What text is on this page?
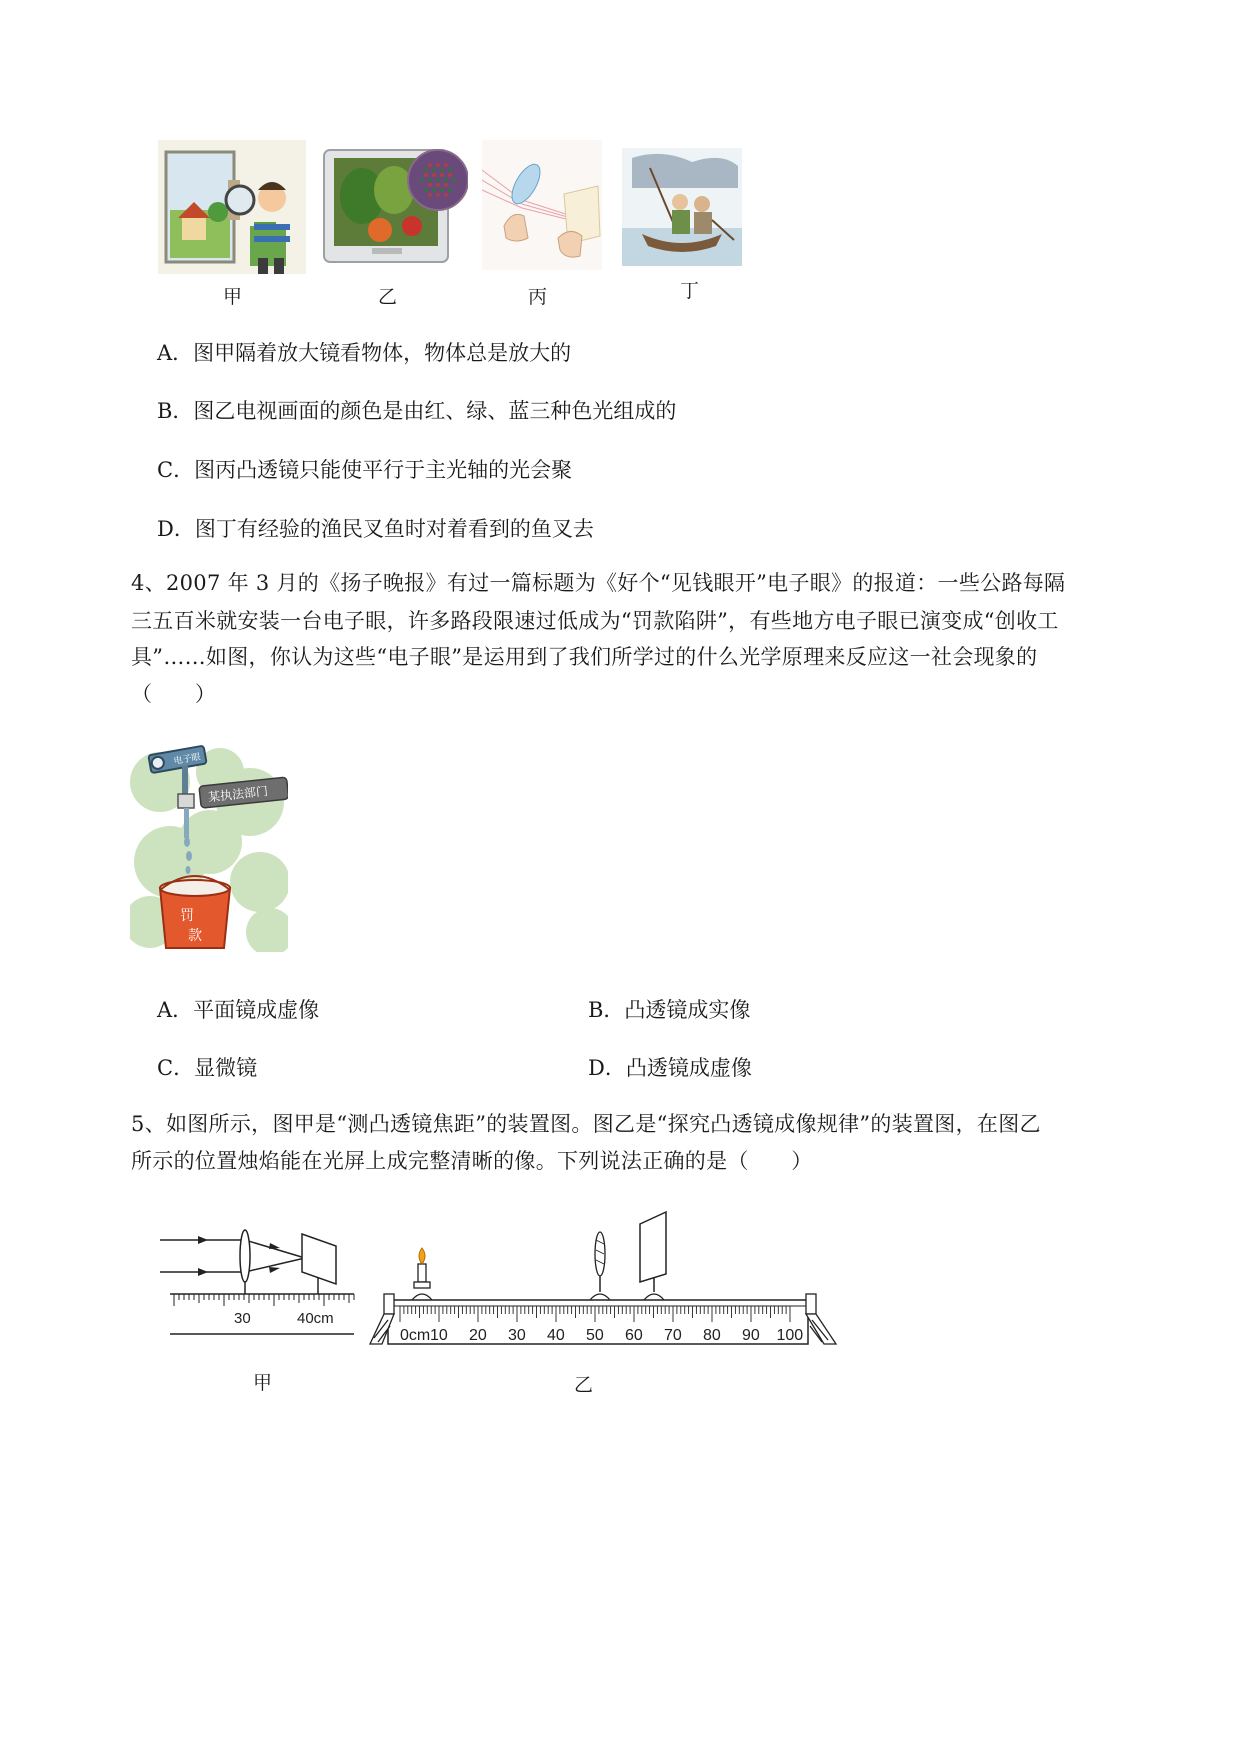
甲	乙	丙	丁
A．图甲隔着放大镜看物体，物体总是放大的
B．图乙电视画面的颜色是由红、绿、蓝三种色光组成的
C．图丙凸透镜只能使平行于主光轴的光会聚
D．图丁有经验的渔民叉鱼时对着看到的鱼叉去
4、2007 年 3 月的《扬子晚报》有过一篇标题为《好个“见钱眼开”电子眼》的报道：一些公路每隔
三五百米就安装一台电子眼，许多路段限速过低成为“罚款陷阱”，有些地方电子眼已演变成“创收工
具”……如图，你认为这些“电子眼”是运用到了我们所学过的什么光学原理来反应这一社会现象的
（　　）
电子眼
某执法部门
罚
款
A．平面镜成虚像	B．凸透镜成实像
C．显微镜	D．凸透镜成虚像
5、如图所示，图甲是“测凸透镜焦距”的装置图。图乙是“探究凸透镜成像规律”的装置图，在图乙
所示的位置烛焰能在光屏上成完整清晰的像。下列说法正确的是（　　）
30	40cm
甲
0cm 10 20 30 40 50 60 70 80 90 100
乙
